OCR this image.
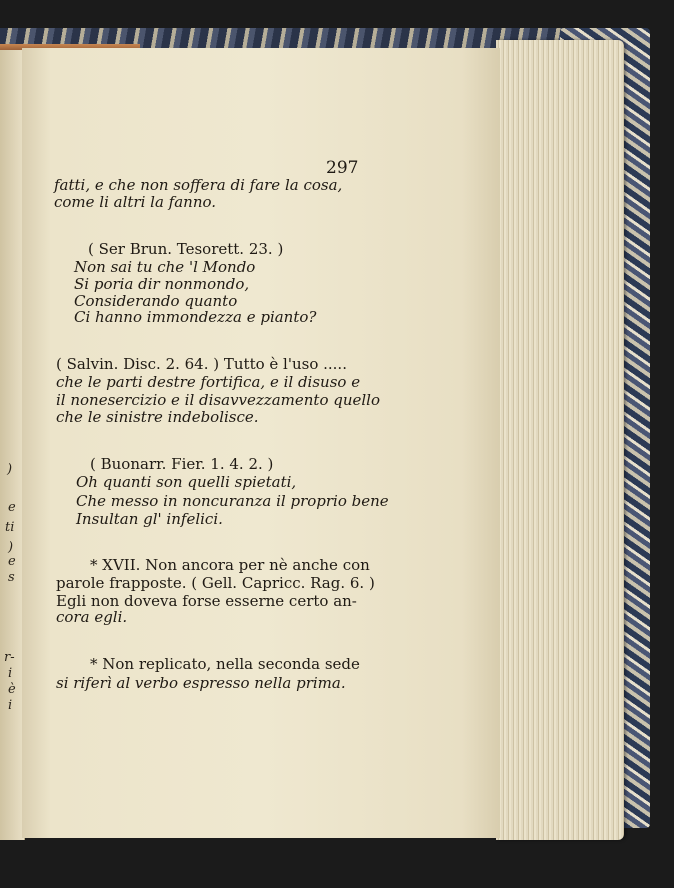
)
e
ti
)
e
s
r-
i
è
i
297
fatti, e che non soffera di fare la cosa,
come li altri la fanno.
( Ser Brun. Tesorett. 23. )
Non sai tu che 'l Mondo
Si poria dir nonmondo,
Considerando quanto
Ci hanno immondezza e pianto?
( Salvin. Disc. 2. 64. ) Tutto è l'uso .....
che le parti destre fortifica, e il disuso e
il nonesercizio e il disavvezzamento quello
che le sinistre indebolisce.
( Buonarr. Fier. 1. 4. 2. )
Oh quanti son quelli spietati,
Che messo in noncuranza il proprio bene
Insultan gl' infelici.
* XVII. Non ancora per nè anche con
parole frapposte. ( Gell. Capricc. Rag. 6. )
Egli non doveva forse esserne certo an-
cora egli.
* Non replicato, nella seconda sede
si riferì al verbo espresso nella prima.
